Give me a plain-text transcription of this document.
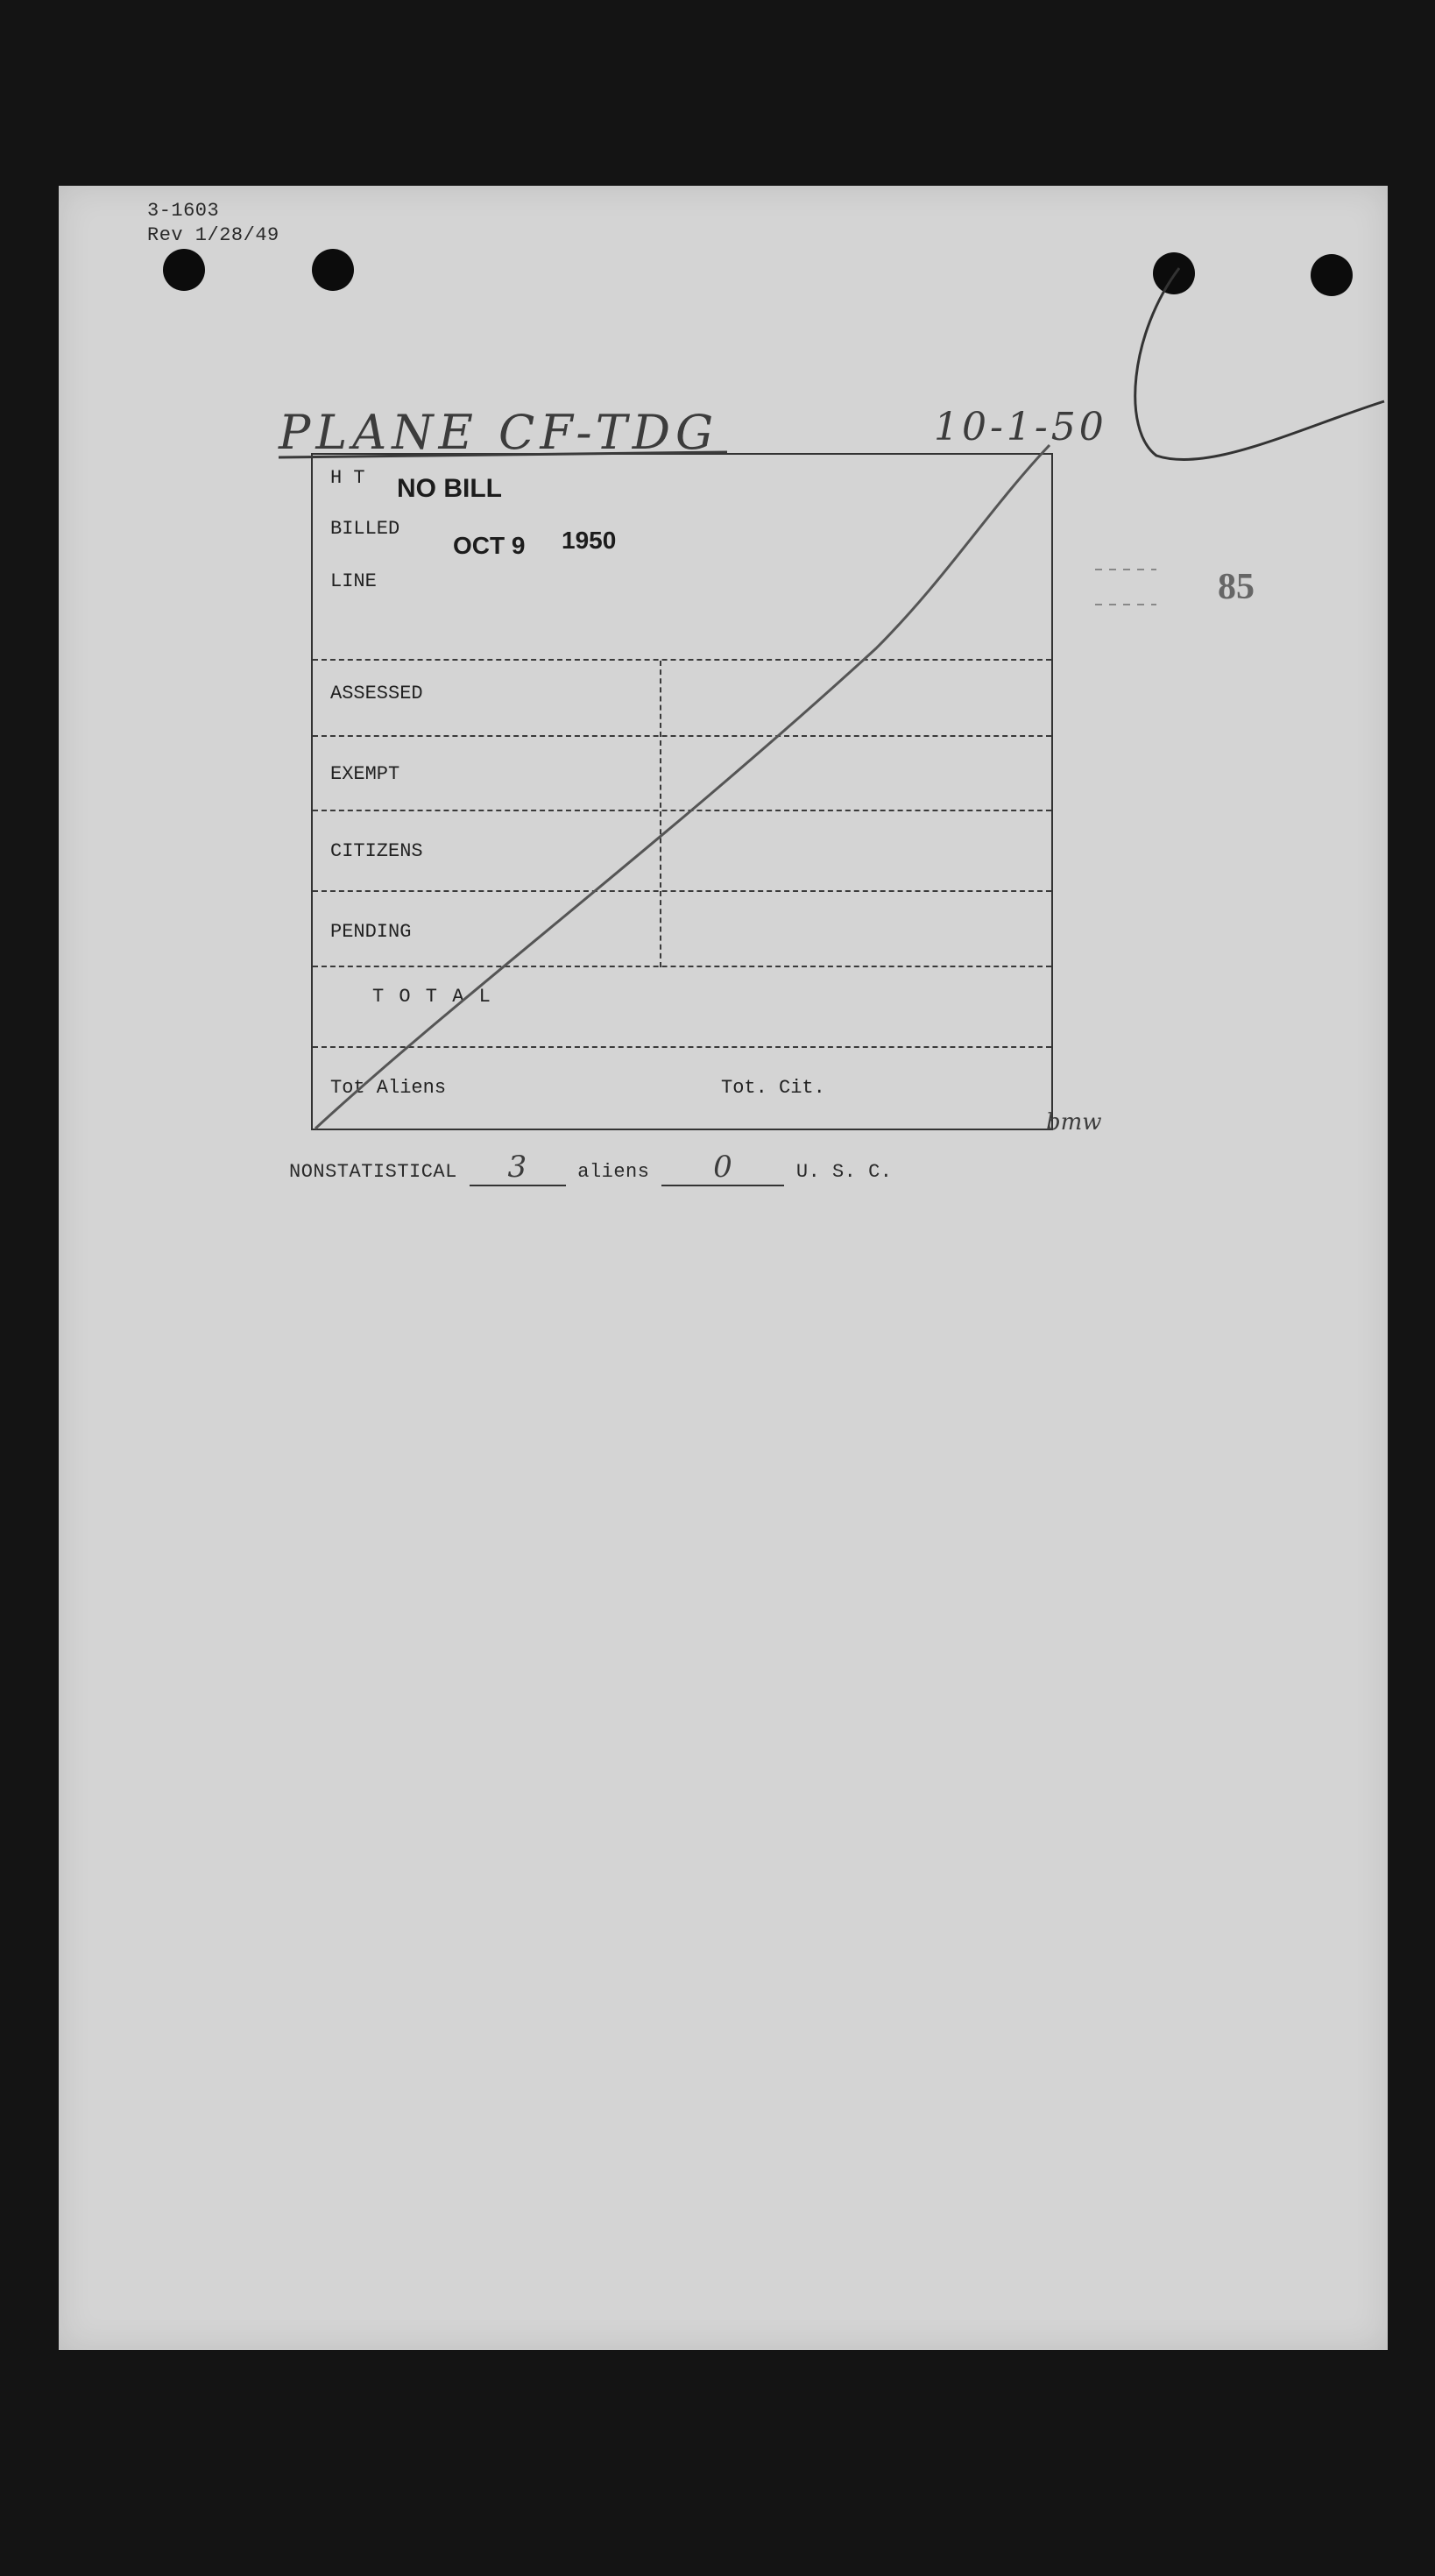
3-1603
Rev 1/28/49
PLANE CF-TDG	10-1-50
85
H T NO BILL
BILLED
OCT 9 1950
LINE
ASSESSED
EXEMPT
CITIZENS
PENDING
T O T A L
Tot Aliens	Tot. Cit.
bmw
NONSTATISTICAL 3	aliens 0	U. S. C.
